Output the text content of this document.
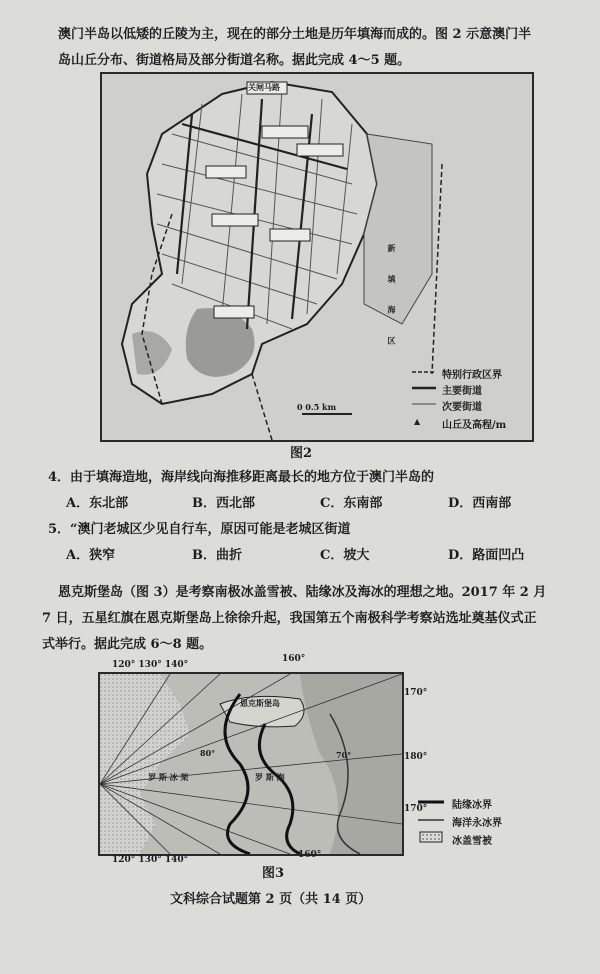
澳门半岛以低矮的丘陵为主，现在的部分土地是历年填海而成的。图 2 示意澳门半
岛山丘分布、街道格局及部分街道名称。据此完成 4～5 题。
关闸马路
新 填 海 区
0 0.5 km
▲
特别行政区界
主要街道
次要街道
山丘及高程/m
图2
4．由于填海造地，海岸线向海推移距离最长的地方位于澳门半岛的
A．东北部	B．西北部	C．东南部	D．西南部
5．“澳门老城区少见自行车，原因可能是老城区街道
A．狭窄	B．曲折	C．坡大	D．路面凹凸
恩克斯堡岛（图 3）是考察南极冰盖雪被、陆缘冰及海冰的理想之地。2017 年 2 月
7 日，五星红旗在恩克斯堡岛上徐徐升起，我国第五个南极科学考察站选址奠基仪式正
式举行。据此完成 6～8 题。
120° 130° 140°
160°
恩克斯堡岛
罗 斯 冰 架	罗 斯 海
80°	70°
170°
180°
170°
120° 130° 140°	160°
陆缘冰界
海洋永冰界
冰盖雪被
图3
文科综合试题第 2 页（共 14 页）
